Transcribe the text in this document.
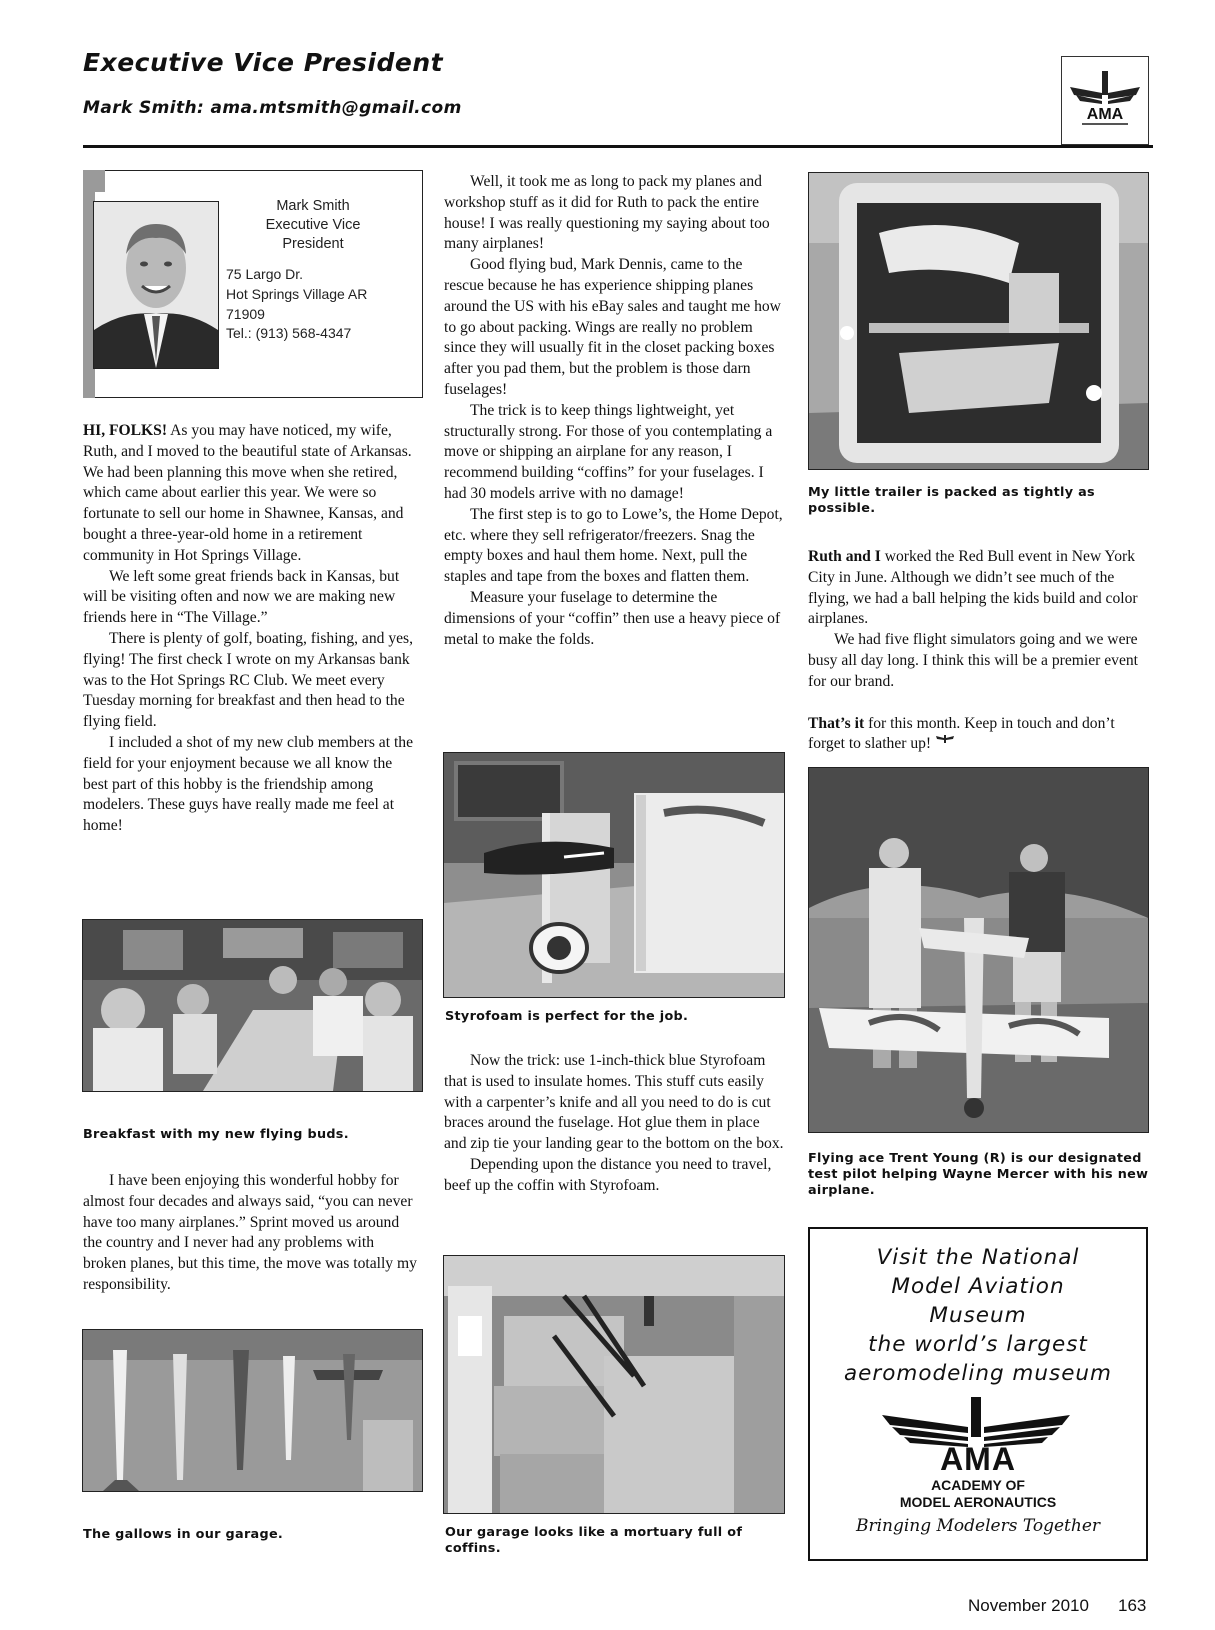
Executive Vice President
Mark Smith: ama.mtsmith@gmail.com	AMA
Mark Smith
Executive Vice
President
75 Largo Dr.
Hot Springs Village AR
71909
Tel.: (913) 568-4347

HI, FOLKS! As you may have noticed, my wife, Ruth, and I moved to the beautiful state of Arkansas. We had been planning this move when she retired, which came about earlier this year. We were so fortunate to sell our home in Shawnee, Kansas, and bought a three-year-old home in a retirement community in Hot Springs Village.

We left some great friends back in Kansas, but will be visiting often and now we are making new friends here in “The Village.”

There is plenty of golf, boating, fishing, and yes, flying! The first check I wrote on my Arkansas bank was to the Hot Springs RC Club. We meet every Tuesday morning for breakfast and then head to the flying field.

I included a shot of my new club members at the field for your enjoyment because we all know the best part of this hobby is the friendship among modelers. These guys have really made me feel at home!

Breakfast with my new flying buds.

I have been enjoying this wonderful hobby for almost four decades and always said, “you can never have too many airplanes.” Sprint moved us around the country and I never had any problems with broken planes, but this time, the move was totally my responsibility.

The gallows in our garage.

Well, it took me as long to pack my planes and workshop stuff as it did for Ruth to pack the entire house! I was really questioning my saying about too many airplanes!

Good flying bud, Mark Dennis, came to the rescue because he has experience shipping planes around the US with his eBay sales and taught me how to go about packing. Wings are really no problem since they will usually fit in the closet packing boxes after you pad them, but the problem is those darn fuselages!

The trick is to keep things lightweight, yet structurally strong. For those of you contemplating a move or shipping an airplane for any reason, I recommend building “coffins” for your fuselages. I had 30 models arrive with no damage!

The first step is to go to Lowe’s, the Home Depot, etc. where they sell refrigerator/freezers. Snag the empty boxes and haul them home. Next, pull the staples and tape from the boxes and flatten them.

Measure your fuselage to determine the dimensions of your “coffin” then use a heavy piece of metal to make the folds.

Styrofoam is perfect for the job.

Now the trick: use 1-inch-thick blue Styrofoam that is used to insulate homes. This stuff cuts easily with a carpenter’s knife and all you need to do is cut braces around the fuselage. Hot glue them in place and zip tie your landing gear to the bottom on the box.

Depending upon the distance you need to travel, beef up the coffin with Styrofoam.

Our garage looks like a mortuary full of coffins.
My little trailer is packed as tightly as possible.

Ruth and I worked the Red Bull event in New York City in June. Although we didn’t see much of the flying, we had a ball helping the kids build and color airplanes.

We had five flight simulators going and we were busy all day long. I think this will be a premier event for our brand.

That’s it for this month. Keep in touch and don’t forget to slather up!

Flying ace Trent Young (R) is our designated test pilot helping Wayne Mercer with his new airplane.
Visit the National
Model Aviation
Museum
the world’s largest
aeromodeling museum
AMA
ACADEMY OF
MODEL AERONAUTICS
Bringing Modelers Together
November 2010 163
